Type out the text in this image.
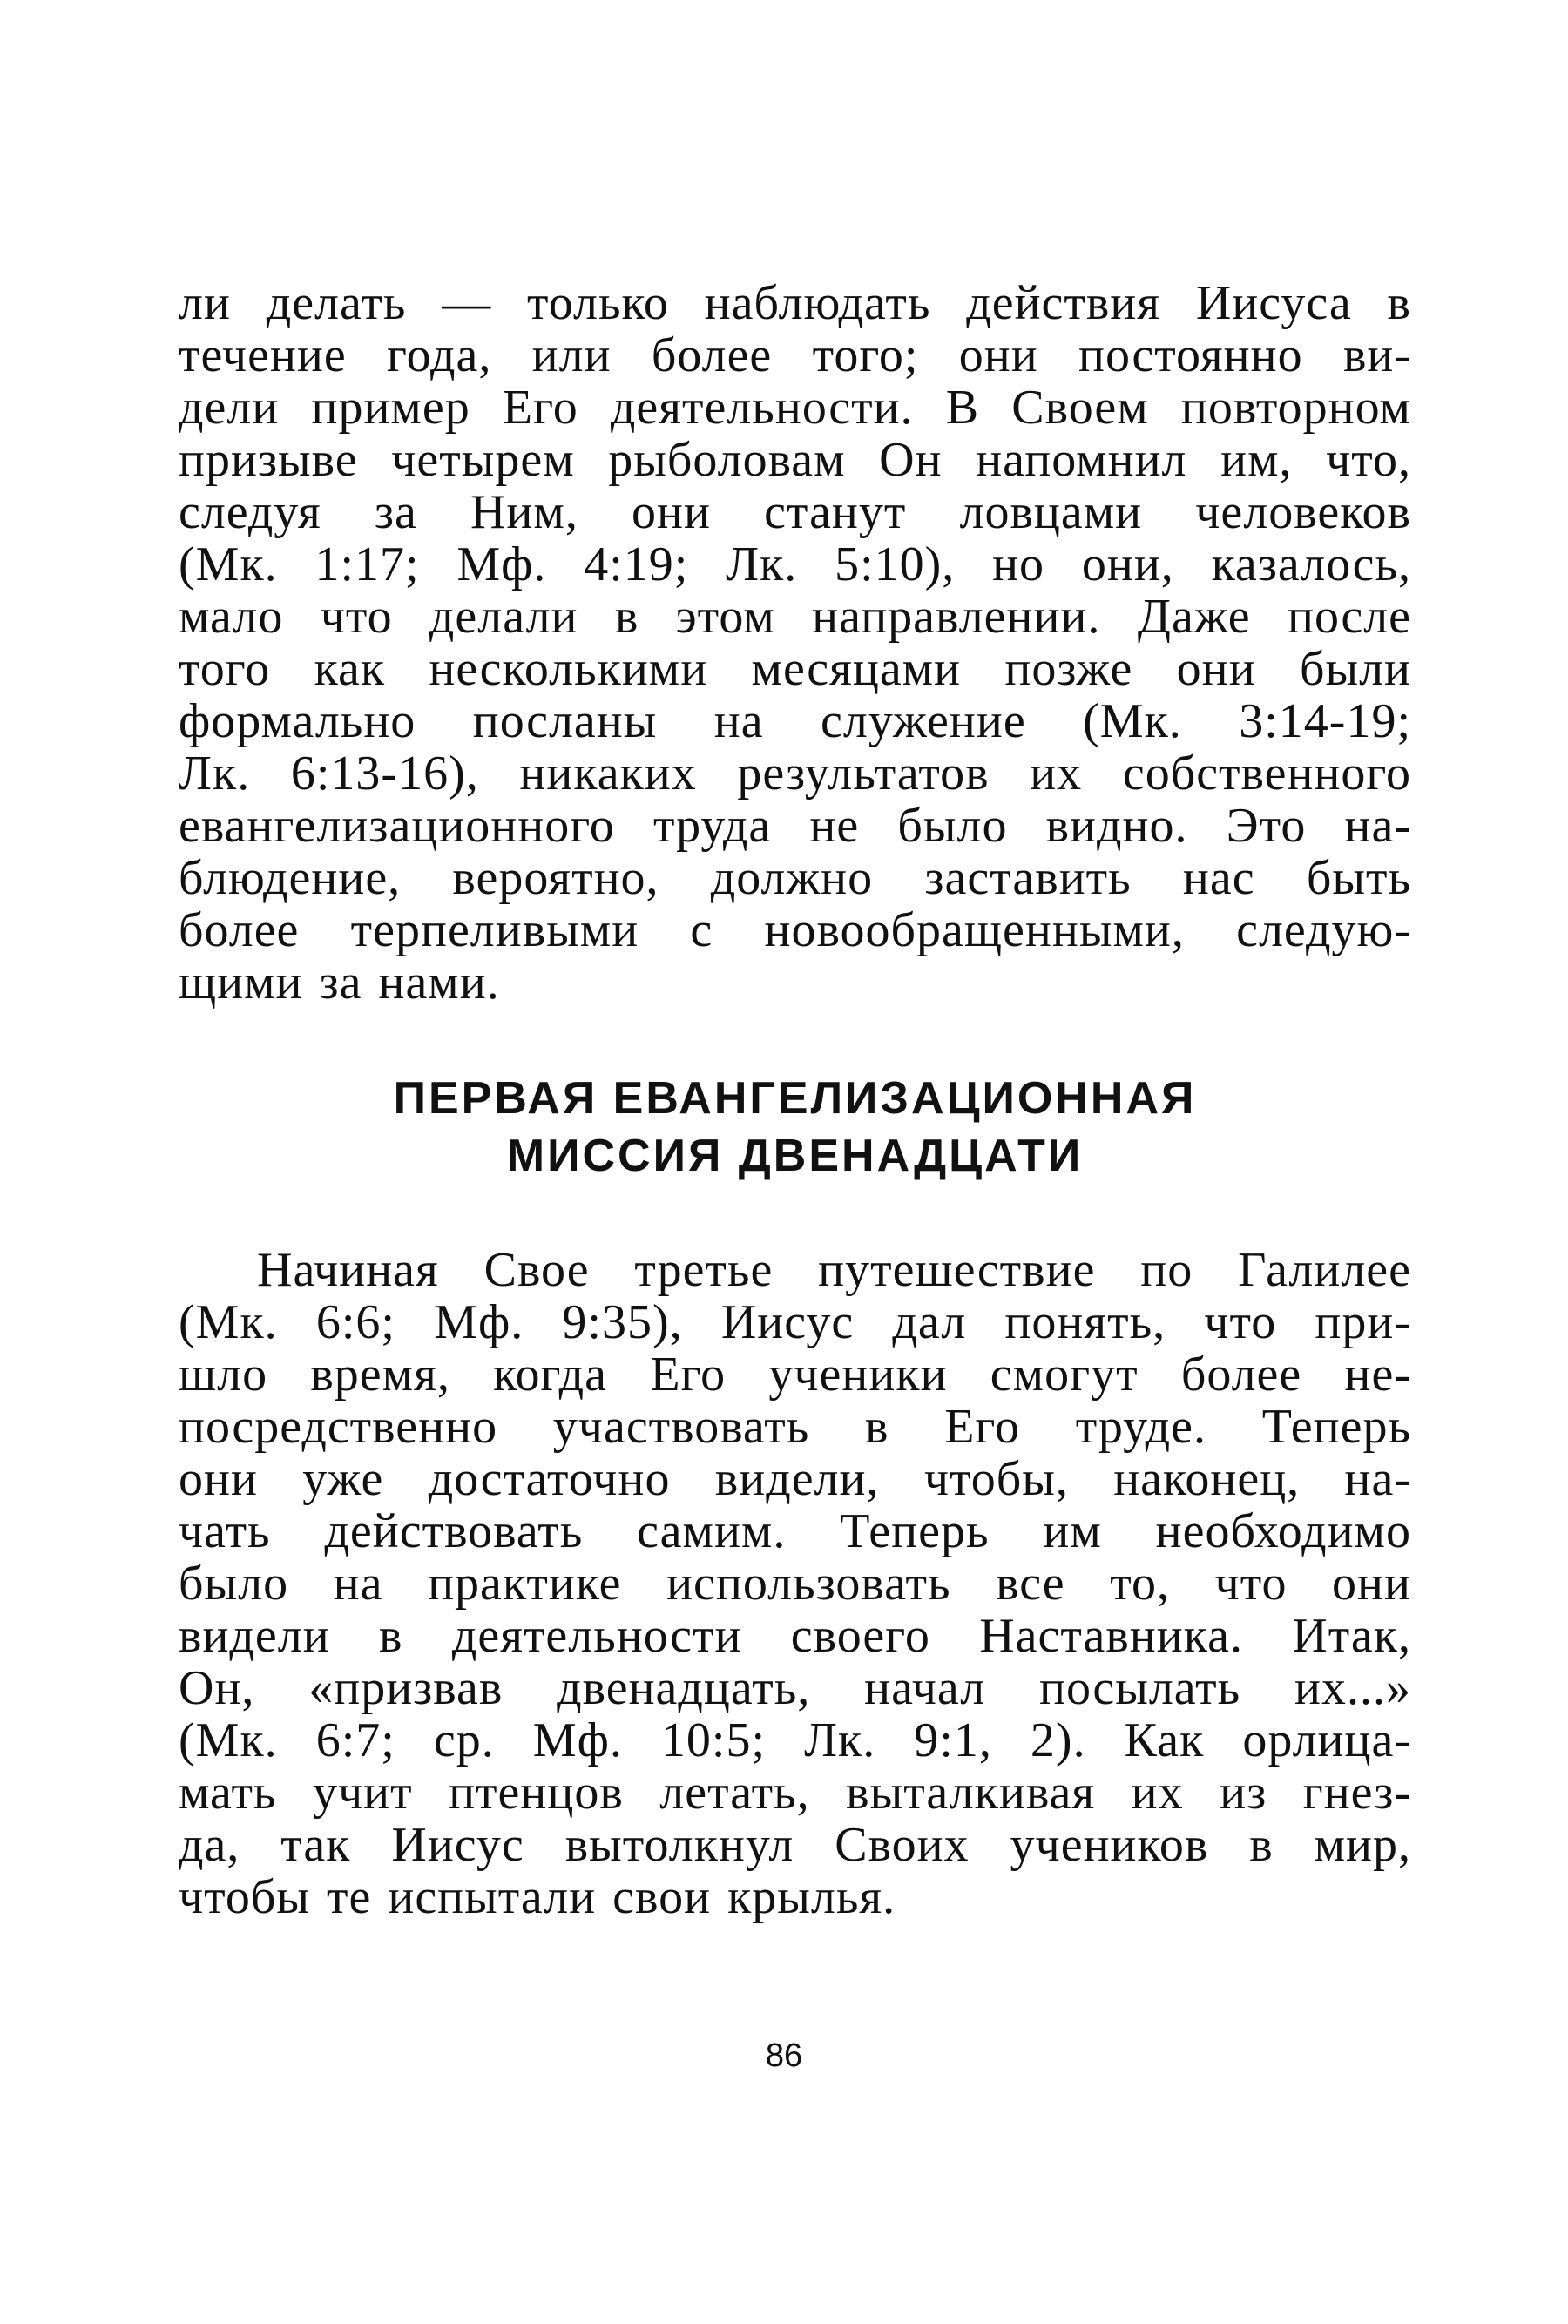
ли делать — только наблюдать действия Иисуса в
течение года, или более того; они постоянно ви-
дели пример Его деятельности. В Своем повторном
призыве четырем рыболовам Он напомнил им, что,
следуя за Ним, они станут ловцами человеков
(Мк. 1:17; Мф. 4:19; Лк. 5:10), но они, казалось,
мало что делали в этом направлении. Даже после
того как несколькими месяцами позже они были
формально посланы на служение (Мк. 3:14-19;
Лк. 6:13-16), никаких результатов их собственного
евангелизационного труда не было видно. Это на-
блюдение, вероятно, должно заставить нас быть
более терпеливыми с новообращенными, следую-
щими за нами.
ПЕРВАЯ ЕВАНГЕЛИЗАЦИОННАЯ
МИССИЯ ДВЕНАДЦАТИ
Начиная Свое третье путешествие по Галилее
(Мк. 6:6; Мф. 9:35), Иисус дал понять, что при-
шло время, когда Его ученики смогут более не-
посредственно участвовать в Его труде. Теперь
они уже достаточно видели, чтобы, наконец, на-
чать действовать самим. Теперь им необходимо
было на практике использовать все то, что они
видели в деятельности своего Наставника. Итак,
Он, «призвав двенадцать, начал посылать их...»
(Мк. 6:7; ср. Мф. 10:5; Лк. 9:1, 2). Как орлица-
мать учит птенцов летать, выталкивая их из гнез-
да, так Иисус вытолкнул Своих учеников в мир,
чтобы те испытали свои крылья.
86
